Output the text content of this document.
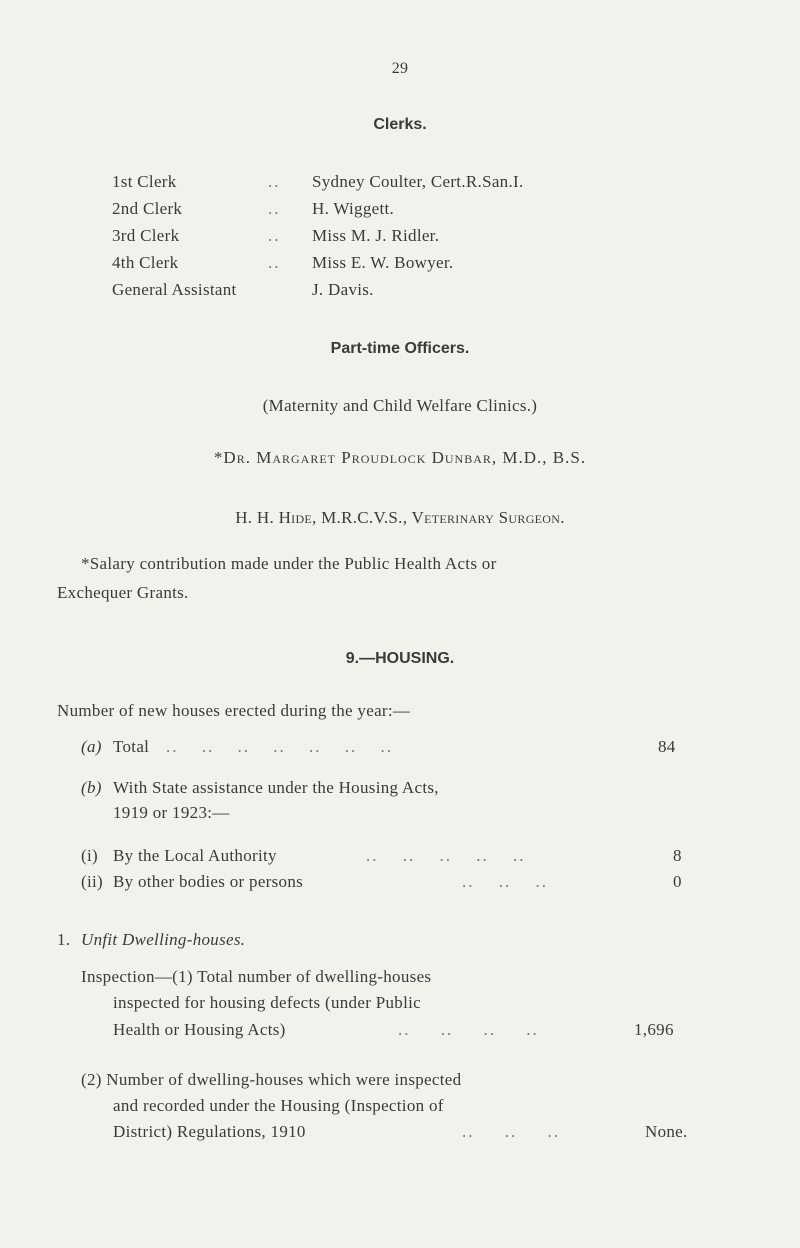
29
Clerks.
1st Clerk	.. Sydney Coulter, Cert.R.San.I.
2nd Clerk	.. H. Wiggett.
3rd Clerk	.. Miss M. J. Ridler.
4th Clerk	.. Miss E. W. Bowyer.
General Assistant	J. Davis.
Part-time Officers.
(Maternity and Child Welfare Clinics.)
*Dr. Margaret Proudlock Dunbar, M.D., B.S.
H. H. Hide, M.R.C.V.S., Veterinary Surgeon.
*Salary contribution made under the Public Health Acts or
Exchequer Grants.
9.—HOUSING.
Number of new houses erected during the year:—
(a) Total .. .. .. .. .. .. ..	84
(b) With State assistance under the Housing Acts,
1919 or 1923:—
(i) By the Local Authority	.. .. .. .. ..	8
(ii) By other bodies or persons	.. .. ..	0
1. Unfit Dwelling-houses.
Inspection—(1) Total number of dwelling-houses
inspected for housing defects (under Public
Health or Housing Acts)	.. .. .. ..	1,696
(2) Number of dwelling-houses which were inspected
and recorded under the Housing (Inspection of
District) Regulations, 1910	.. .. ..	None.
